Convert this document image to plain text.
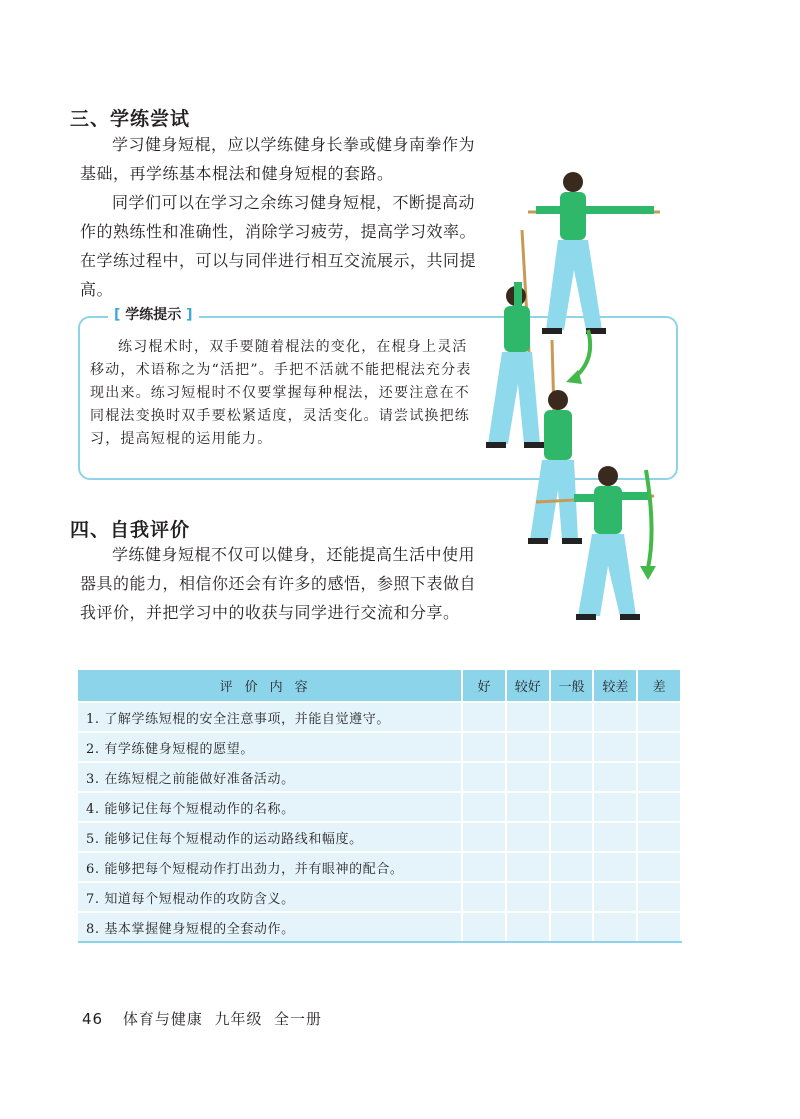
三、学练尝试

学习健身短棍，应以学练健身长拳或健身南拳作为基础，再学练基本棍法和健身短棍的套路。

同学们可以在学习之余练习健身短棍，不断提高动作的熟练性和准确性，消除学习疲劳，提高学习效率。在学练过程中，可以与同伴进行相互交流展示，共同提高。

[ 学练提示 ]

练习棍术时，双手要随着棍法的变化，在棍身上灵活移动，术语称之为“活把”。手把不活就不能把棍法充分表现出来。练习短棍时不仅要掌握每种棍法，还要注意在不同棍法变换时双手要松紧适度，灵活变化。请尝试换把练习，提高短棍的运用能力。

四、自我评价

学练健身短棍不仅可以健身，还能提高生活中使用器具的能力，相信你还会有许多的感悟，参照下表做自我评价，并把学习中的收获与同学进行交流和分享。

评价内容	好	较好	一般	较差	差
1. 了解学练短棍的安全注意事项，并能自觉遵守。					
2. 有学练健身短棍的愿望。					
3. 在练短棍之前能做好准备活动。					
4. 能够记住每个短棍动作的名称。					
5. 能够记住每个短棍动作的运动路线和幅度。					
6. 能够把每个短棍动作打出劲力，并有眼神的配合。					
7. 知道每个短棍动作的攻防含义。					
8. 基本掌握健身短棍的全套动作。					
46 体育与健康 九年级 全一册
